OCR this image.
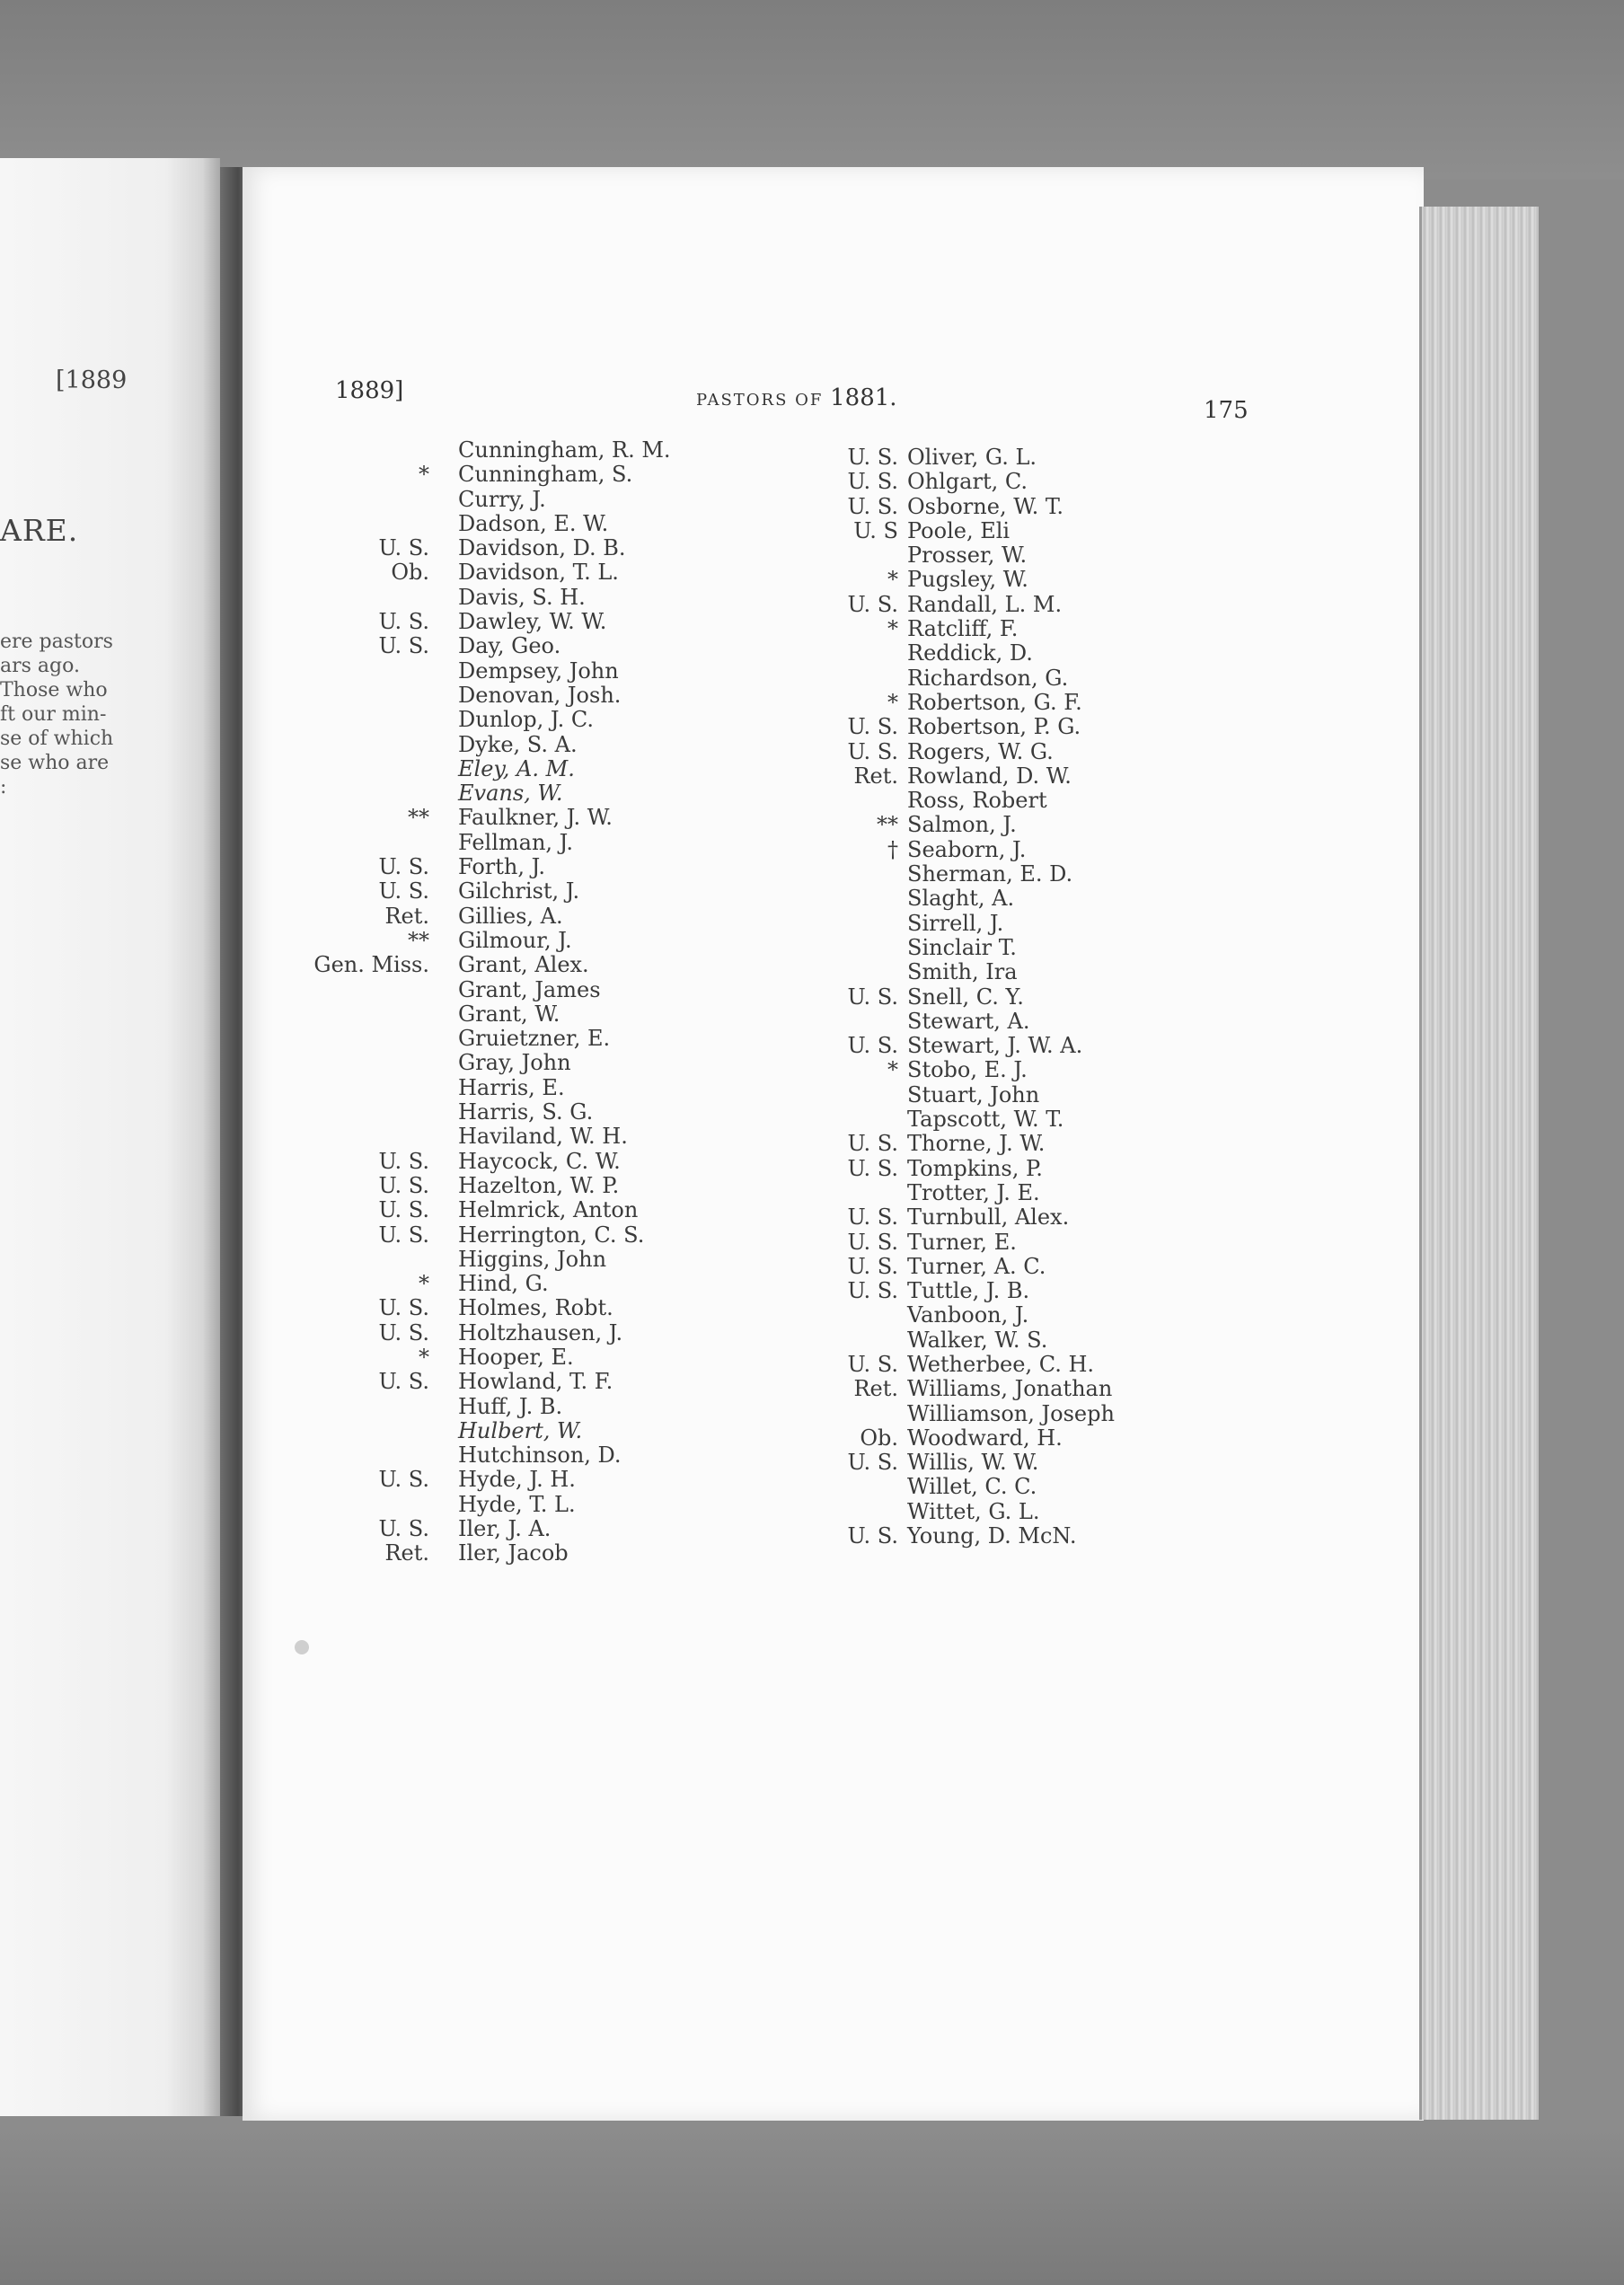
[1889
ARE.
ere pastors
ars ago.
Those who
ft our min-
se of which
se who are
:
1889]	PASTORS OF 1881.	175
Cunningham, R. M.
* Cunningham, S.
Curry, J.
Dadson, E. W.
U. S. Davidson, D. B.
Ob. Davidson, T. L.
Davis, S. H.
U. S. Dawley, W. W.
U. S. Day, Geo.
Dempsey, John
Denovan, Josh.
Dunlop, J. C.
Dyke, S. A.
Eley, A. M.
Evans, W.
** Faulkner, J. W.
Fellman, J.
U. S. Forth, J.
U. S. Gilchrist, J.
Ret. Gillies, A.
** Gilmour, J.
Gen. Miss. Grant, Alex.
Grant, James
Grant, W.
Gruietzner, E.
Gray, John
Harris, E.
Harris, S. G.
Haviland, W. H.
U. S. Haycock, C. W.
U. S. Hazelton, W. P.
U. S. Helmrick, Anton
U. S. Herrington, C. S.
Higgins, John
* Hind, G.
U. S. Holmes, Robt.
U. S. Holtzhausen, J.
* Hooper, E.
U. S. Howland, T. F.
Huff, J. B.
Hulbert, W.
Hutchinson, D.
U. S. Hyde, J. H.
Hyde, T. L.
U. S. Iler, J. A.
Ret. Iler, Jacob
U. S. Oliver, G. L.
U. S. Ohlgart, C.
U. S. Osborne, W. T.
U. S Poole, Eli
Prosser, W.
* Pugsley, W.
U. S. Randall, L. M.
* Ratcliff, F.
Reddick, D.
Richardson, G.
* Robertson, G. F.
U. S. Robertson, P. G.
U. S. Rogers, W. G.
Ret. Rowland, D. W.
Ross, Robert
** Salmon, J.
† Seaborn, J.
Sherman, E. D.
Slaght, A.
Sirrell, J.
Sinclair T.
Smith, Ira
U. S. Snell, C. Y.
Stewart, A.
U. S. Stewart, J. W. A.
* Stobo, E. J.
Stuart, John
Tapscott, W. T.
U. S. Thorne, J. W.
U. S. Tompkins, P.
Trotter, J. E.
U. S. Turnbull, Alex.
U. S. Turner, E.
U. S. Turner, A. C.
U. S. Tuttle, J. B.
Vanboon, J.
Walker, W. S.
U. S. Wetherbee, C. H.
Ret. Williams, Jonathan
Williamson, Joseph
Ob. Woodward, H.
U. S. Willis, W. W.
Willet, C. C.
Wittet, G. L.
U. S. Young, D. McN.
